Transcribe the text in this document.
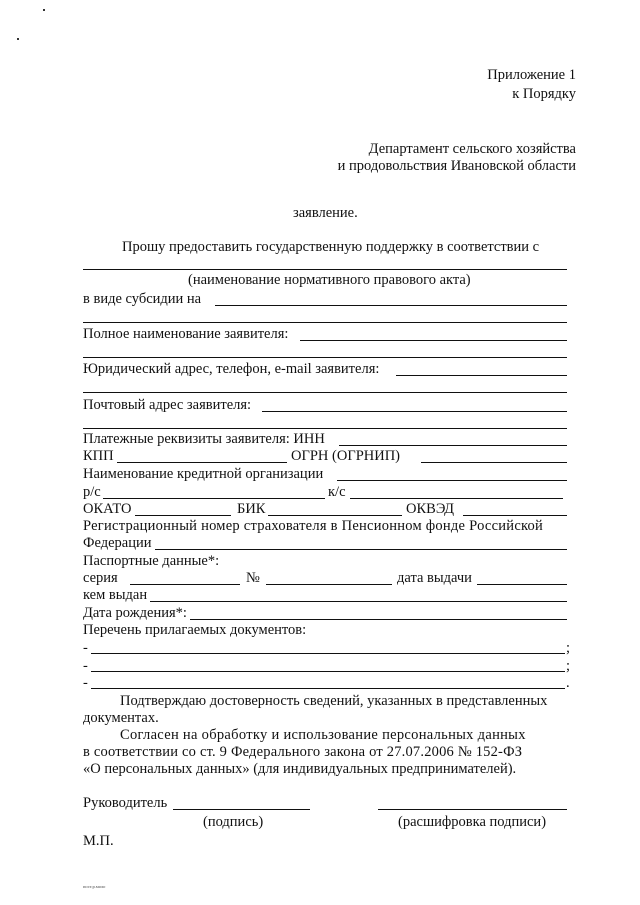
Приложение 1
к Порядку
Департамент сельского хозяйства
и продовольствия Ивановской области
заявление.
Прошу предоставить государственную поддержку в соответствии с
(наименование нормативного правового акта)
в виде субсидии на
Полное наименование заявителя:
Юридический адрес, телефон, e-mail заявителя:
Почтовый адрес заявителя:
Платежные реквизиты заявителя: ИНН
КПП	ОГРН (ОГРНИП)
Наименование кредитной организации
р/с	к/с
ОКАТО	БИК	ОКВЭД
Регистрационный номер страхователя в Пенсионном фонде Российской
Федерации
Паспортные данные*:
серия	№	дата выдачи
кем выдан
Дата рождения*:
Перечень прилагаемых документов:
-	;
-	;
-	.
Подтверждаю достоверность сведений, указанных в представленных
документах.
Согласен на обработку и использование персональных данных
в соответствии со ст. 9 Федерального закона от 27.07.2006 № 152-ФЗ
«О персональных данных» (для индивидуальных предпринимателей).
Руководитель
(подпись)	(расшифровка подписи)
М.П.
пост.р.моло
